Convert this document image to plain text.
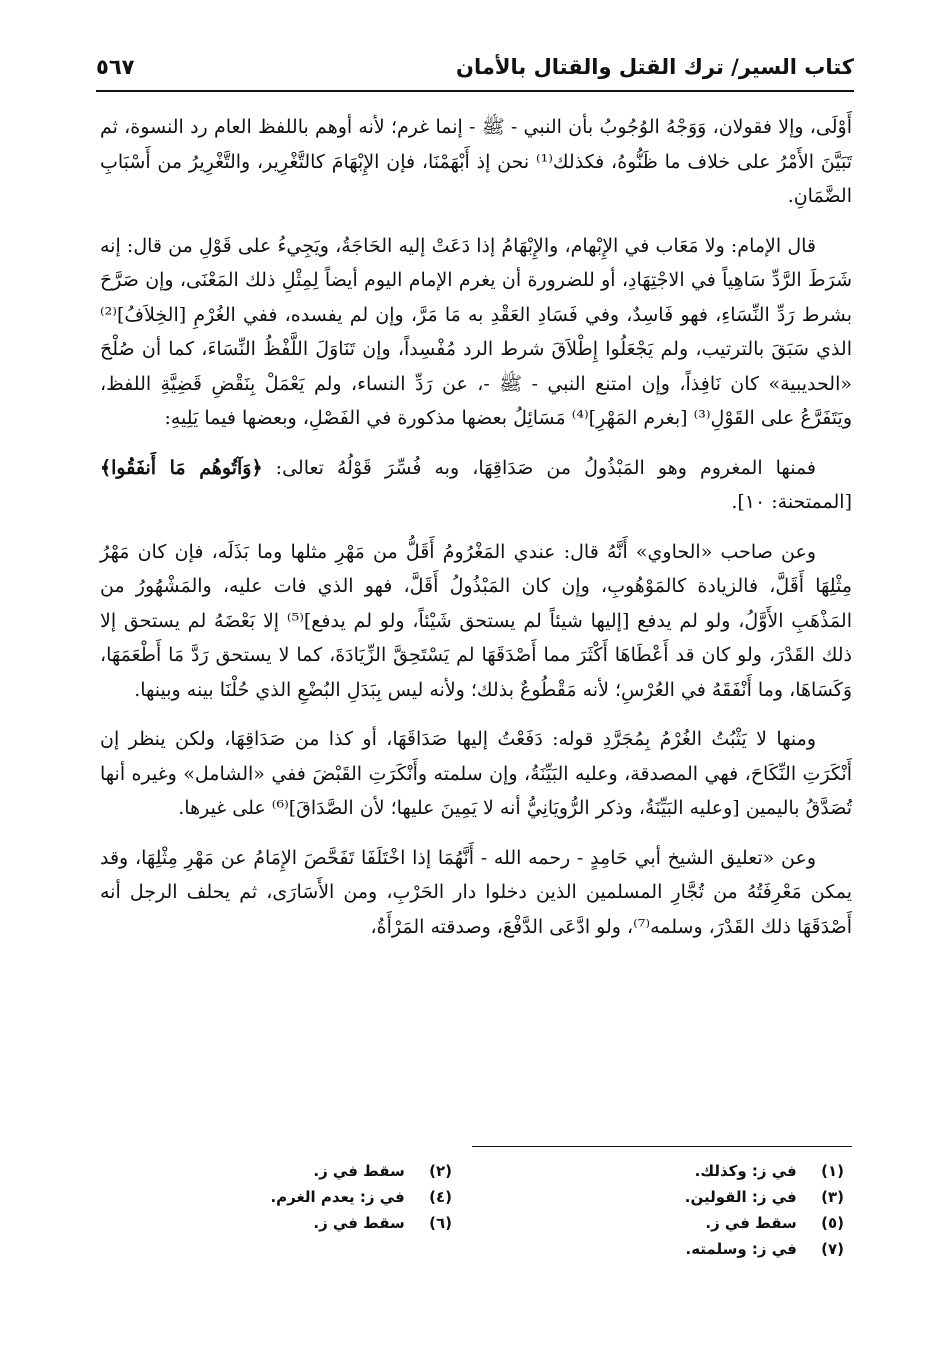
كتاب السير/ ترك القتل والقتال بالأمان
٥٦٧

أَوْلَى، وإلا فقولان، وَوَجْهُ الوُجُوبُ بأن النبي - ﷺ - إنما غرم؛ لأنه أوهم باللفظ العام رد النسوة، ثم تَبَيَّنَ الأَمْرُ على خلاف ما ظَنُّوهُ، فكذلك⁽¹⁾ نحن إذ أَبْهَمْنَا، فإن الإِبْهَامَ كالتَّغْرِير، والتَّغْرِيرُ من أَسْبَابِ الضَّمَانِ.

قال الإمام: ولا مَعَاب في الإِبْهام، والإِبْهَامُ إذا دَعَتْ إليه الحَاجَةُ، ويَجِيءُ على قَوْلِ من قال: إنه شَرَطَ الرَّدِّ سَاهِياً في الاجْتِهَادِ، أو للضرورة أن يغرم الإمام اليوم أيضاً لِمِثْلِ ذلك المَعْنَى، وإن صَرَّحَ بشرط رَدِّ النِّسَاءِ، فهو فَاسِدٌ، وفي فَسَادِ العَقْدِ به مَا مَرَّ، وإن لم يفسده، ففي الغُرْمِ [الخِلاَفُ]⁽²⁾ الذي سَبَقَ بالترتيب، ولم يَجْعَلُوا إِطْلاَقَ شرط الرد مُفْسِداً، وإن تَنَاوَلَ اللَّفْظُ النِّسَاءَ، كما أن صُلْحَ «الحديبية» كان نَافِذاً، وإن امتنع النبي - ﷺ -، عن رَدِّ النساء، ولم يَعْمَلْ بِنَقْضِ قَضِيَّةِ اللفظ، ويَتَفَرَّعُ على القَوْلِ⁽³⁾ [بغرم المَهْرِ]⁽⁴⁾ مَسَائِلُ بعضها مذكورة في الفَصْلِ، وبعضها فيما يَلِيهِ:

فمنها المغروم وهو المَبْذُولُ من صَدَاقِهَا، وبه فُسِّرَ قَوْلُهُ تعالى: ﴿وَآتُوهُم مَا أَنفَقُوا﴾ [الممتحنة: ١٠].

وعن صاحب «الحاوي» أَنَّهُ قال: عندي المَغْرُومُ أَقَلُّ من مَهْرِ مثلها وما بَذَلَه، فإن كان مَهْرُ مِثْلِهَا أَقَلَّ، فالزيادة كالمَوْهُوبِ، وإن كان المَبْذُولُ أَقَلَّ، فهو الذي فات عليه، والمَشْهُورُ من المَذْهَبِ الأَوَّلُ، ولو لم يدفع [إليها شيئاً لم يستحق شَيْئاً، ولو لم يدفع]⁽⁵⁾ إلا بَعْضَهُ لم يستحق إلا ذلك القَدْرَ، ولو كان قد أَعْطَاهَا أَكْثَرَ مما أَصْدَقَهَا لم يَسْتَحِقَّ الزِّيَادَةَ، كما لا يستحق رَدَّ مَا أَطْعَمَهَا، وَكَسَاهَا، وما أَنْفَقَهُ في العُرْسِ؛ لأنه مَقْطُوعٌ بذلك؛ ولأنه ليس بِبَدَلِ البُضْعِ الذي حُلْنَا بينه وبينها.

ومنها لا يَثْبُتُ الغُرْمُ بِمُجَرَّدِ قوله: دَفَعْتُ إليها صَدَاقَهَا، أو كذا من صَدَاقِهَا، ولكن ينظر إن أَنْكَرَتِ النِّكَاحَ، فهي المصدقة، وعليه البَيِّنَةُ، وإن سلمته وأَنْكَرَتِ القَبْضَ ففي «الشامل» وغيره أنها تُصَدَّقُ باليمين [وعليه البَيِّنَةُ، وذكر الرُّويَانِيُّ أنه لا يَمِينَ عليها؛ لأن الصَّدَاقَ]⁽⁶⁾ على غيرها.

وعن «تعليق الشيخ أبي حَامِدٍ - رحمه الله - أَنَّهُمَا إذا اخْتَلَفَا تَفَحَّصَ الإِمَامُ عن مَهْرِ مِثْلِهَا، وقد يمكن مَعْرِفَتُهُ من تُجَّارِ المسلمين الذين دخلوا دار الحَرْبِ، ومن الأَسَارَى، ثم يحلف الرجل أنه أَصْدَقَهَا ذلك القَدْرَ، وسلمه⁽⁷⁾، ولو ادَّعَى الدَّفْعَ، وصدقته المَرْأَةُ،

(١) في ز: وكذلك.
(٢) سقط في ز.
(٣) في ز: القولين.
(٤) في ز: يعدم الغرم.
(٥) سقط في ز.
(٦) سقط في ز.
(٧) في ز: وسلمته.
